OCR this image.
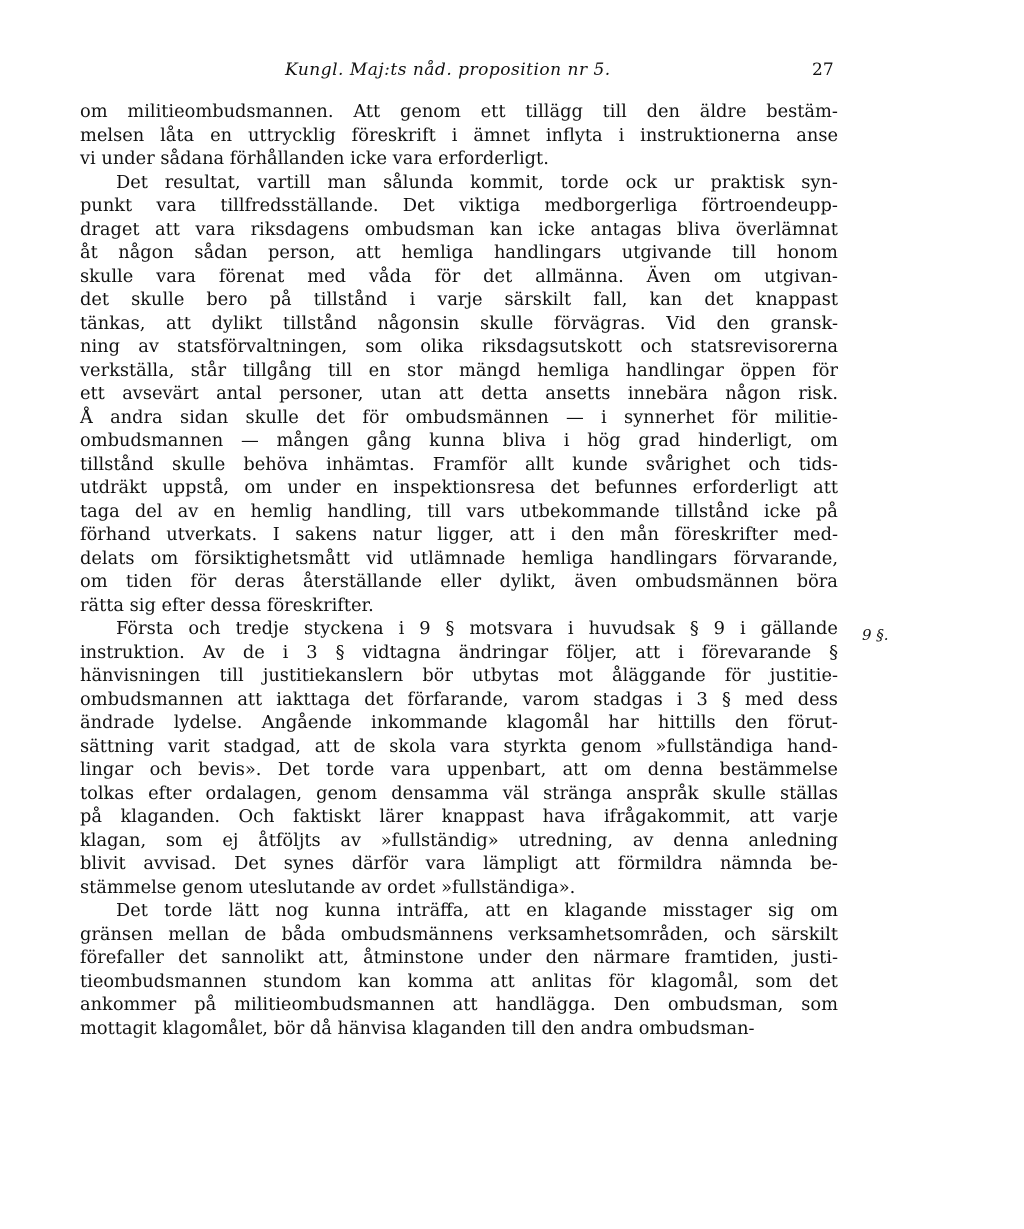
Kungl. Maj:ts nåd. proposition nr 5.	27
9 §.
om militieombudsmannen. Att genom ett tillägg till den äldre bestäm-
melsen låta en uttrycklig föreskrift i ämnet inflyta i instruktionerna anse
vi under sådana förhållanden icke vara erforderligt.
Det resultat, vartill man sålunda kommit, torde ock ur praktisk syn-
punkt vara tillfredsställande. Det viktiga medborgerliga förtroendeupp-
draget att vara riksdagens ombudsman kan icke antagas bliva överlämnat
åt någon sådan person, att hemliga handlingars utgivande till honom
skulle vara förenat med våda för det allmänna. Även om utgivan-
det skulle bero på tillstånd i varje särskilt fall, kan det knappast
tänkas, att dylikt tillstånd någonsin skulle förvägras. Vid den gransk-
ning av statsförvaltningen, som olika riksdagsutskott och statsrevisorerna
verkställa, står tillgång till en stor mängd hemliga handlingar öppen för
ett avsevärt antal personer, utan att detta ansetts innebära någon risk.
Å andra sidan skulle det för ombudsmännen — i synnerhet för militie-
ombudsmannen — mången gång kunna bliva i hög grad hinderligt, om
tillstånd skulle behöva inhämtas. Framför allt kunde svårighet och tids-
utdräkt uppstå, om under en inspektionsresa det befunnes erforderligt att
taga del av en hemlig handling, till vars utbekommande tillstånd icke på
förhand utverkats. I sakens natur ligger, att i den mån föreskrifter med-
delats om försiktighetsmått vid utlämnade hemliga handlingars förvarande,
om tiden för deras återställande eller dylikt, även ombudsmännen böra
rätta sig efter dessa föreskrifter.
Första och tredje styckena i 9 § motsvara i huvudsak § 9 i gällande
instruktion. Av de i 3 § vidtagna ändringar följer, att i förevarande §
hänvisningen till justitiekanslern bör utbytas mot åläggande för justitie-
ombudsmannen att iakttaga det förfarande, varom stadgas i 3 § med dess
ändrade lydelse. Angående inkommande klagomål har hittills den förut-
sättning varit stadgad, att de skola vara styrkta genom »fullständiga hand-
lingar och bevis». Det torde vara uppenbart, att om denna bestämmelse
tolkas efter ordalagen, genom densamma väl stränga anspråk skulle ställas
på klaganden. Och faktiskt lärer knappast hava ifrågakommit, att varje
klagan, som ej åtföljts av »fullständig» utredning, av denna anledning
blivit avvisad. Det synes därför vara lämpligt att förmildra nämnda be-
stämmelse genom uteslutande av ordet »fullständiga».
Det torde lätt nog kunna inträffa, att en klagande misstager sig om
gränsen mellan de båda ombudsmännens verksamhetsområden, och särskilt
förefaller det sannolikt att, åtminstone under den närmare framtiden, justi-
tieombudsmannen stundom kan komma att anlitas för klagomål, som det
ankommer på militieombudsmannen att handlägga. Den ombudsman, som
mottagit klagomålet, bör då hänvisa klaganden till den andra ombudsman-
